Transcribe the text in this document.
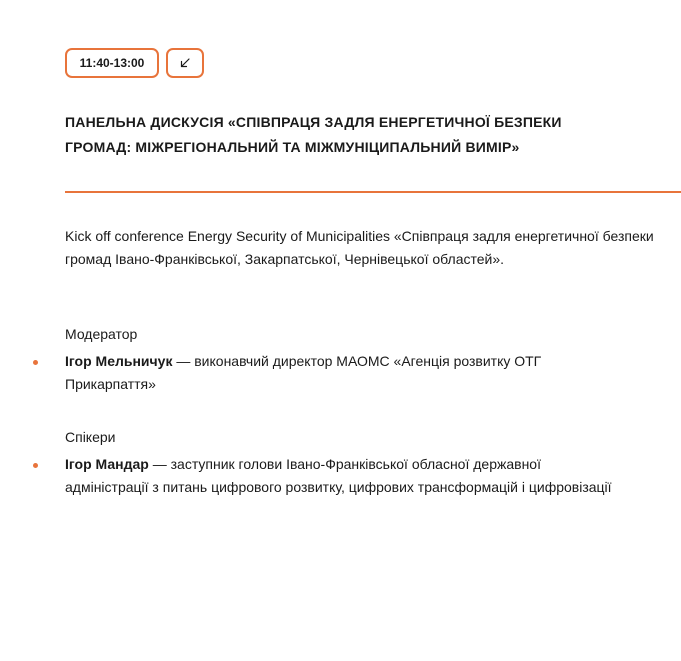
11:40-13:00
ПАНЕЛЬНА ДИСКУСІЯ «СПІВПРАЦЯ ЗАДЛЯ ЕНЕРГЕТИЧНОЇ БЕЗПЕКИ
ГРОМАД: МІЖРЕГІОНАЛЬНИЙ ТА МІЖМУНІЦИПАЛЬНИЙ ВИМІР»

Kick off conference Energy Security of Municipalities «Співпраця задля енергетичної безпеки громад Івано-Франківської, Закарпатської, Чернівецької областей».

Модератор
Ігор Мельничук — виконавчий директор МАОМС «Агенція розвитку ОТГ Прикарпаття»
Спікери
Ігор Мандар — заступник голови Івано-Франківської обласної державної адміністрації з питань цифрового розвитку, цифрових трансформацій і цифровізації
